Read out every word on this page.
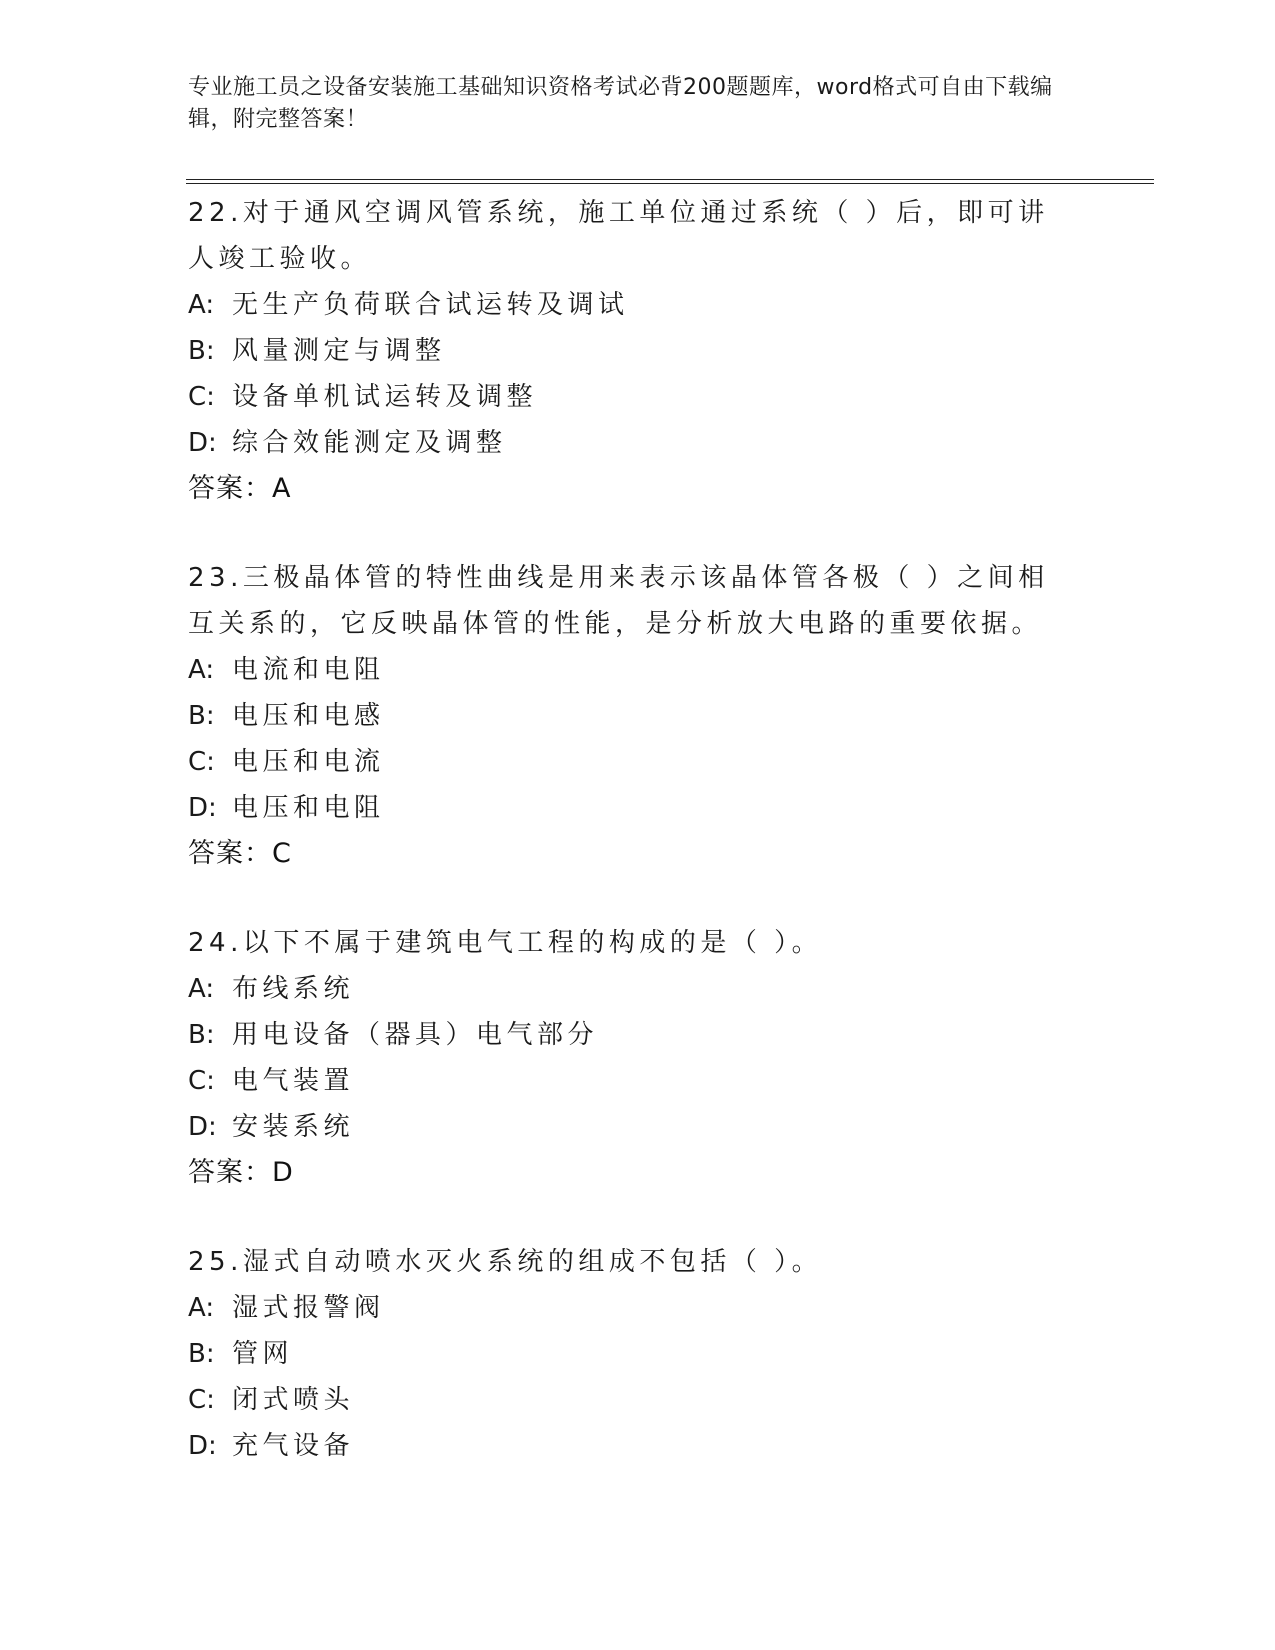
专业施工员之设备安装施工基础知识资格考试必背200题题库，word格式可自由下载编辑，附完整答案！

22.对于通风空调风管系统，施工单位通过系统（ ）后，即可讲人竣工验收。

A: 无生产负荷联合试运转及调试

B: 风量测定与调整

C: 设备单机试运转及调整

D: 综合效能测定及调整

答案：A

23.三极晶体管的特性曲线是用来表示该晶体管各极（ ）之间相互关系的，它反映晶体管的性能，是分析放大电路的重要依据。

A: 电流和电阻

B: 电压和电感

C: 电压和电流

D: 电压和电阻

答案：C

24.以下不属于建筑电气工程的构成的是（ ）。

A: 布线系统

B: 用电设备（器具）电气部分

C: 电气装置

D: 安装系统

答案：D

25.湿式自动喷水灭火系统的组成不包括（ ）。

A: 湿式报警阀

B: 管网

C: 闭式喷头

D: 充气设备
